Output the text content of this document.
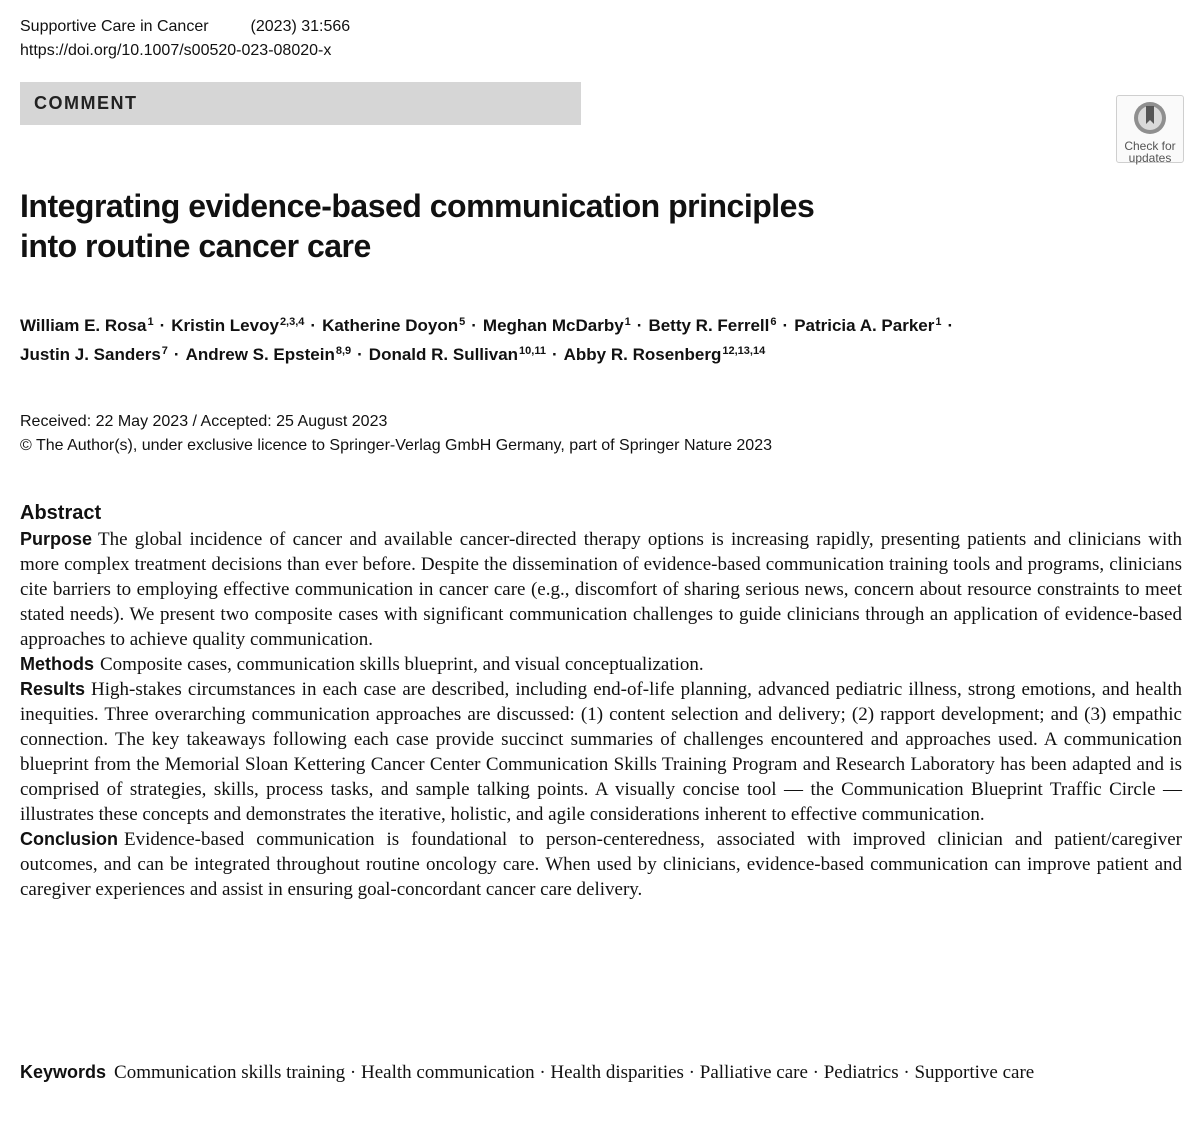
Supportive Care in Cancer	(2023) 31:566
https://doi.org/10.1007/s00520-023-08020-x
COMMENT
Check for
updates
Integrating evidence-based communication principles
into routine cancer care
William E. Rosa$^1$ · Kristin Levoy$^{2,3,4}$ · Katherine Doyon$^5$ · Meghan McDarby$^1$ · Betty R. Ferrell$^6$ · Patricia A. Parker$^1$ ·
Justin J. Sanders$^7$ · Andrew S. Epstein$^{8,9}$ · Donald R. Sullivan$^{10,11}$ · Abby R. Rosenberg$^{12,13,14}$
Received: 22 May 2023 / Accepted: 25 August 2023
© The Author(s), under exclusive licence to Springer-Verlag GmbH Germany, part of Springer Nature 2023
Abstract

Purpose The global incidence of cancer and available cancer-directed therapy options is increasing rapidly, presenting patients and clinicians with more complex treatment decisions than ever before. Despite the dissemination of evidence-based communication training tools and programs, clinicians cite barriers to employing effective communication in cancer care (e.g., discomfort of sharing serious news, concern about resource constraints to meet stated needs). We present two composite cases with significant communication challenges to guide clinicians through an application of evidence-based approaches to achieve quality communication.

Methods Composite cases, communication skills blueprint, and visual conceptualization.

Results High-stakes circumstances in each case are described, including end-of-life planning, advanced pediatric illness, strong emotions, and health inequities. Three overarching communication approaches are discussed: (1) content selection and delivery; (2) rapport development; and (3) empathic connection. The key takeaways following each case provide succinct summaries of challenges encountered and approaches used. A communication blueprint from the Memorial Sloan Kettering Cancer Center Communication Skills Training Program and Research Laboratory has been adapted and is comprised of strategies, skills, process tasks, and sample talking points. A visually concise tool — the Communication Blueprint Traffic Circle — illustrates these concepts and demonstrates the iterative, holistic, and agile considerations inherent to effective communication.

Conclusion Evidence-based communication is foundational to person-centeredness, associated with improved clinician and patient/caregiver outcomes, and can be integrated throughout routine oncology care. When used by clinicians, evidence-based communication can improve patient and caregiver experiences and assist in ensuring goal-concordant cancer care delivery.

Keywords Communication skills training · Health communication · Health disparities · Palliative care · Pediatrics · Supportive care
